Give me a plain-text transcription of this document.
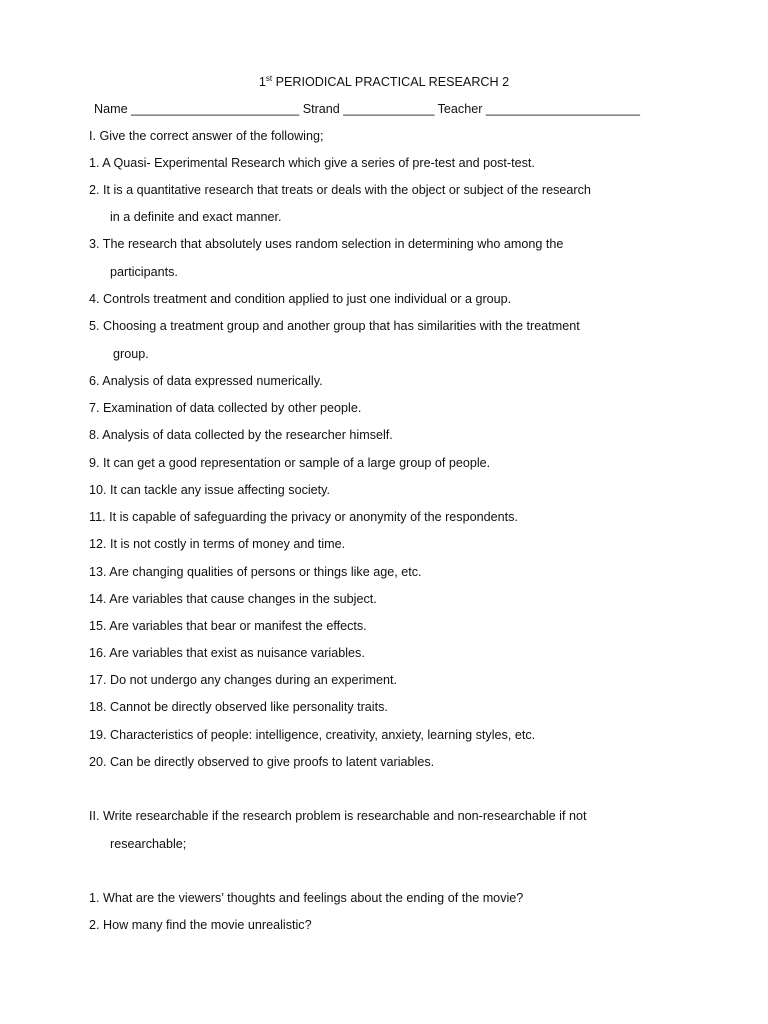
1st PERIODICAL PRACTICAL RESEARCH 2
Name ________________________ Strand _____________ Teacher ______________________
I. Give the correct answer of the following;
1. A Quasi- Experimental Research which give a series of pre-test and post-test.
2. It is a quantitative research that treats or deals with the object or subject of the research
in a definite and exact manner.
3. The research that absolutely uses random selection in determining who among the
participants.
4. Controls treatment and condition applied to just one individual or a group.
5. Choosing a treatment group and another group that has similarities with the treatment
group.
6. Analysis of data expressed numerically.
7. Examination of data collected by other people.
8. Analysis of data collected by the researcher himself.
9. It can get a good representation or sample of a large group of people.
10. It can tackle any issue affecting society.
11. It is capable of safeguarding the privacy or anonymity of the respondents.
12. It is not costly in terms of money and time.
13. Are changing qualities of persons or things like age, etc.
14. Are variables that cause changes in the subject.
15. Are variables that bear or manifest the effects.
16. Are variables that exist as nuisance variables.
17. Do not undergo any changes during an experiment.
18. Cannot be directly observed like personality traits.
19. Characteristics of people: intelligence, creativity, anxiety, learning styles, etc.
20. Can be directly observed to give proofs to latent variables.
II. Write researchable if the research problem is researchable and non-researchable if not
researchable;
1. What are the viewers’ thoughts and feelings about the ending of the movie?
2. How many find the movie unrealistic?
